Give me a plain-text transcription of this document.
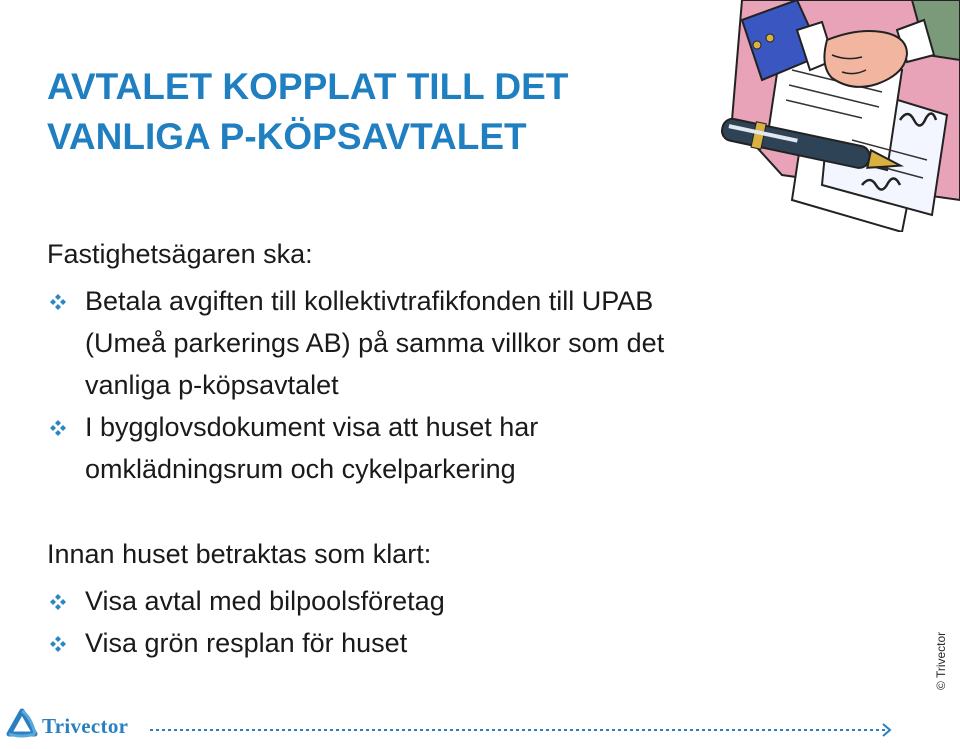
AVTALET KOPPLAT TILL DET
VANLIGA P-KÖPSAVTALET
Fastighetsägaren ska:
Betala avgiften till kollektivtrafikfonden till UPAB
(Umeå parkerings AB) på samma villkor som det
vanliga p-köpsavtalet
I bygglovsdokument visa att huset har
omklädningsrum och cykelparkering
Innan huset betraktas som klart:
Visa avtal med bilpoolsföretag
Visa grön resplan för huset	© Trivector
Trivector
